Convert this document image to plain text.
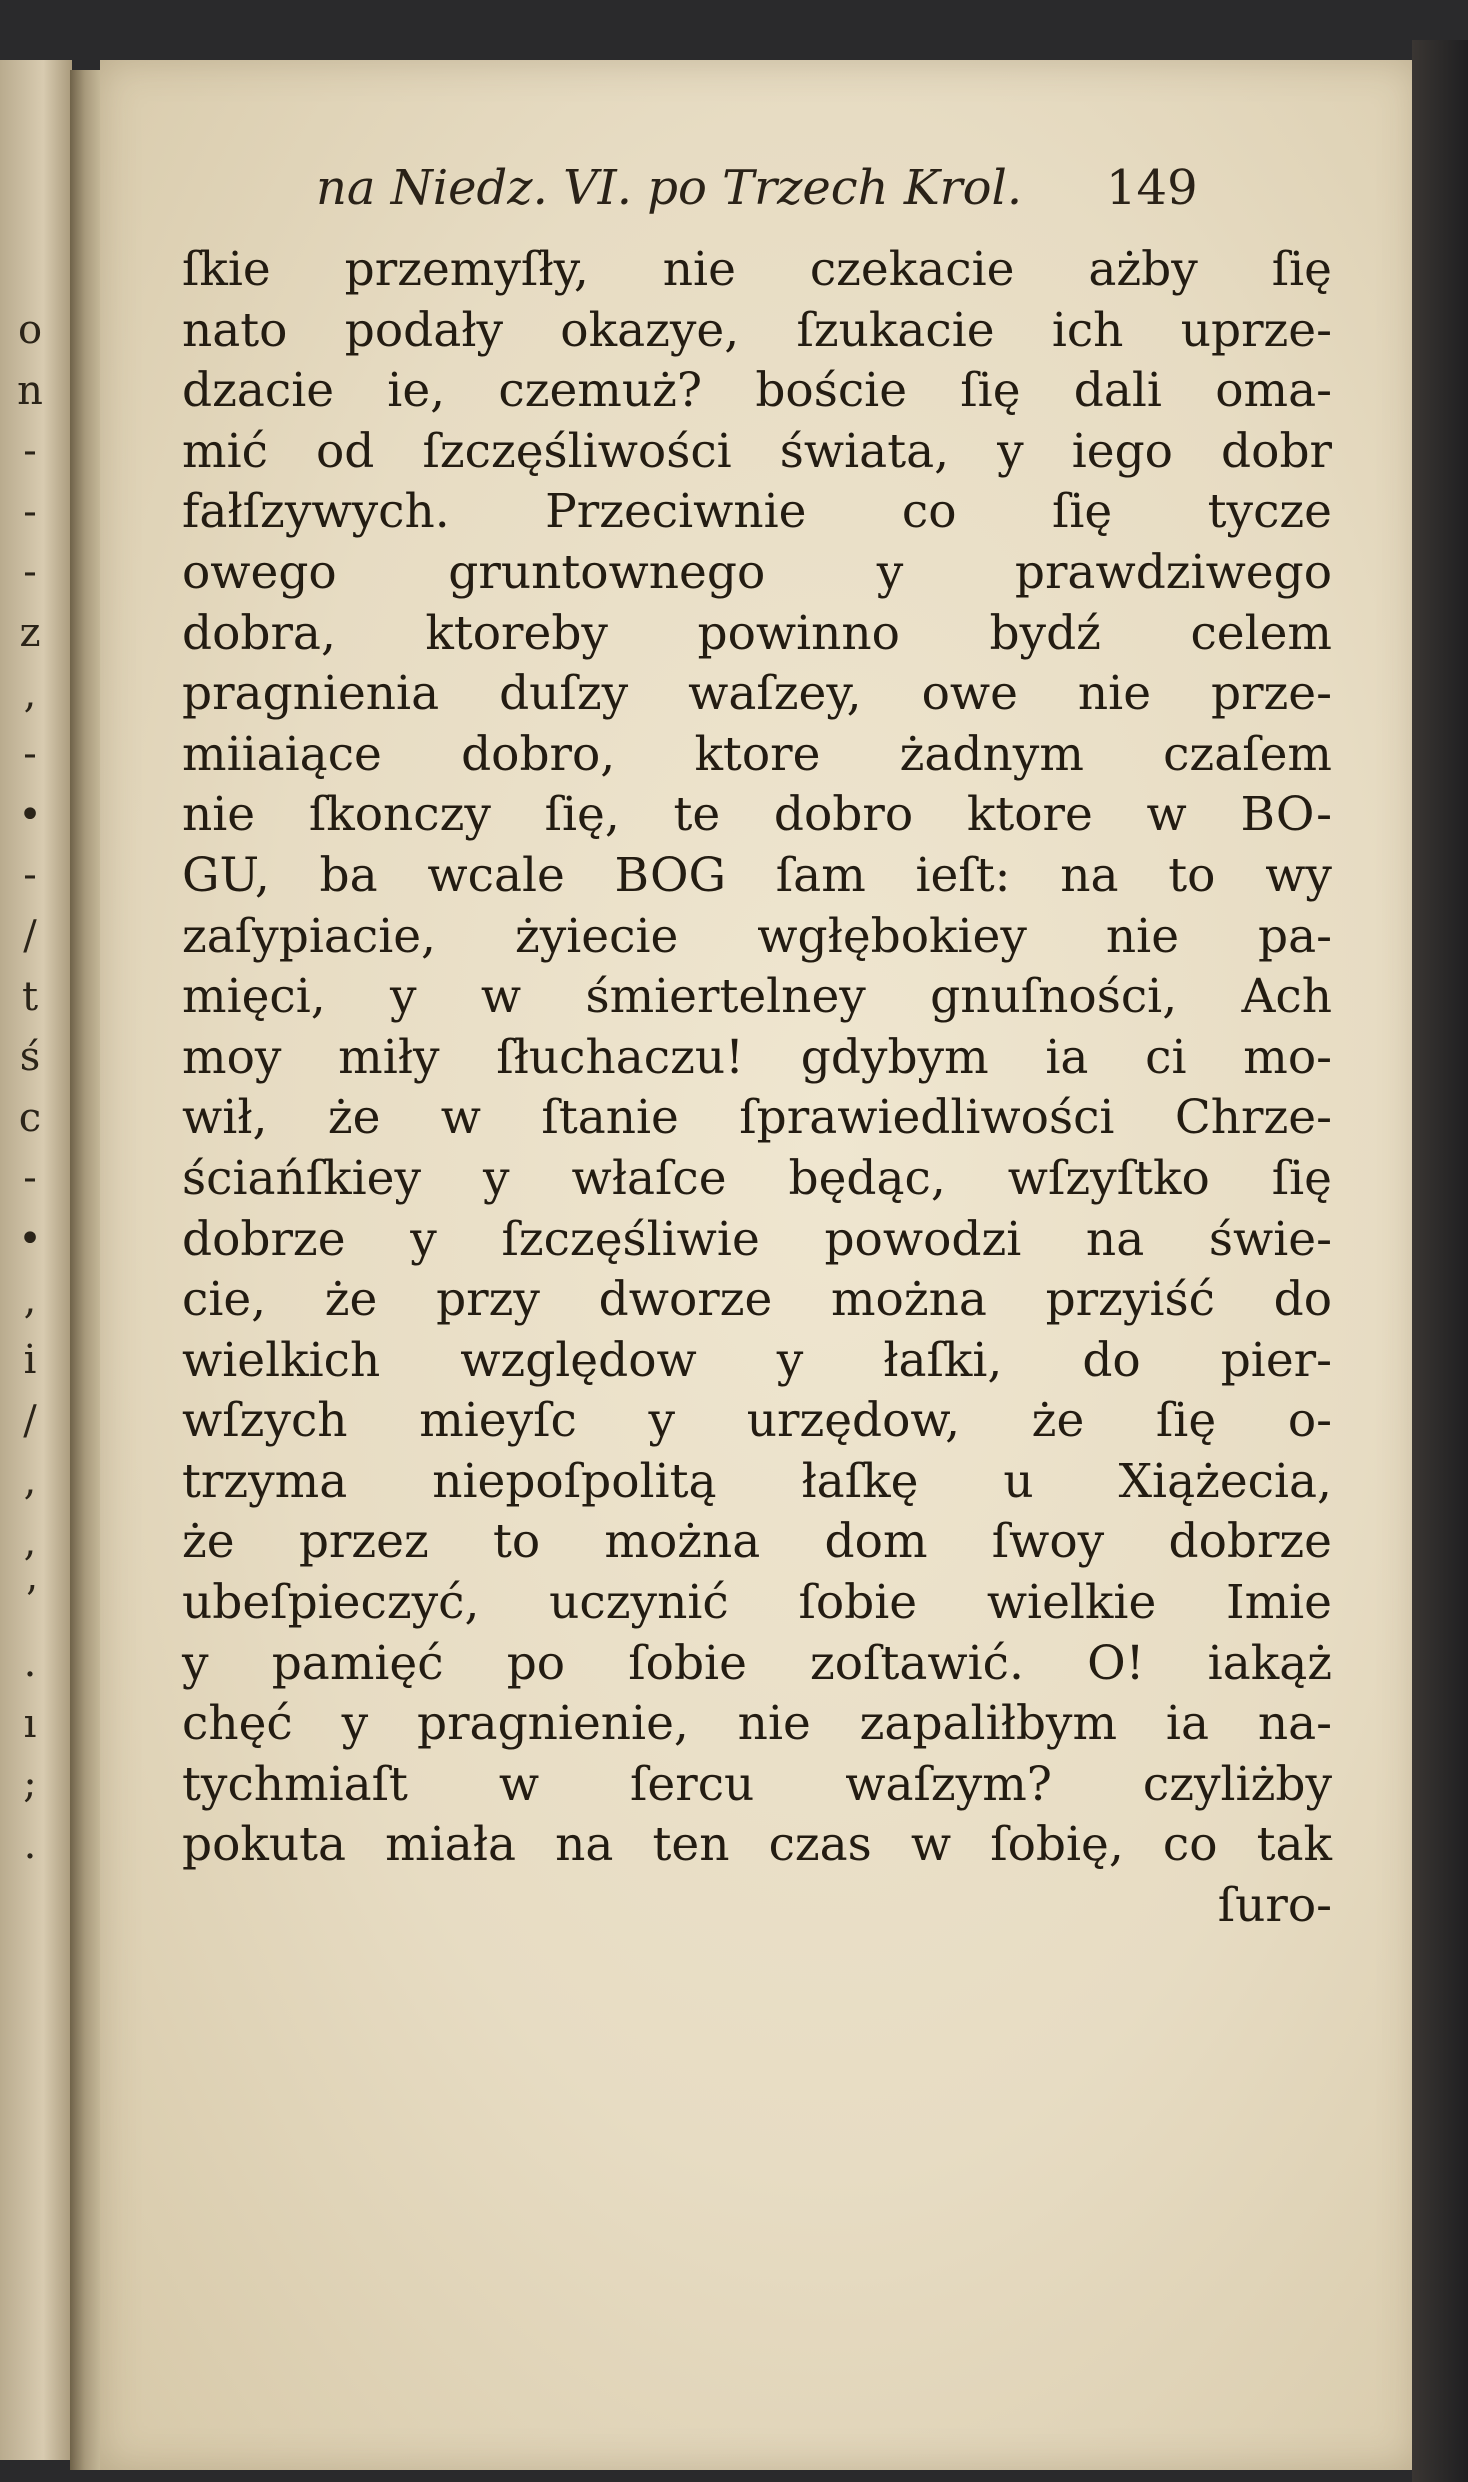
o
n
-
-
-
z
,
-
•
-
/
t
ś
c
-
•
,
i
/
,
,
ʼ
.
ı
;
.
na Niedz. VI. po Trzech Krol. 149
ſkie przemyſły, nie czekacie ażby ſię
nato podały okazye, ſzukacie ich uprze-
dzacie ie, czemuż? boście ſię dali oma-
mić od ſzczęśliwości świata, y iego dobr
fałſzywych. Przeciwnie co ſię tycze
owego gruntownego y prawdziwego
dobra, ktoreby powinno bydź celem
pragnienia duſzy waſzey, owe nie prze-
miiaiące dobro, ktore żadnym czaſem
nie ſkonczy ſię, te dobro ktore w BO-
GU, ba wcale BOG ſam ieſt: na to wy
zaſypiacie, żyiecie wgłębokiey nie pa-
mięci, y w śmiertelney gnuſności, Ach
moy miły ſłuchaczu! gdybym ia ci mo-
wił, że w ſtanie ſprawiedliwości Chrze-
ściańſkiey y właſce będąc, wſzyſtko ſię
dobrze y ſzczęśliwie powodzi na świe-
cie, że przy dworze można przyiść do
wielkich względow y łaſki, do pier-
wſzych mieyſc y urzędow, że ſię o-
trzyma niepoſpolitą łaſkę u Xiążecia,
że przez to można dom ſwoy dobrze
ubeſpieczyć, uczynić ſobie wielkie Imie
y pamięć po ſobie zoſtawić. O! iakąż
chęć y pragnienie, nie zapaliłbym ia na-
tychmiaſt w ſercu waſzym? czyliżby
pokuta miała na ten czas w ſobię, co tak
ſuro-
